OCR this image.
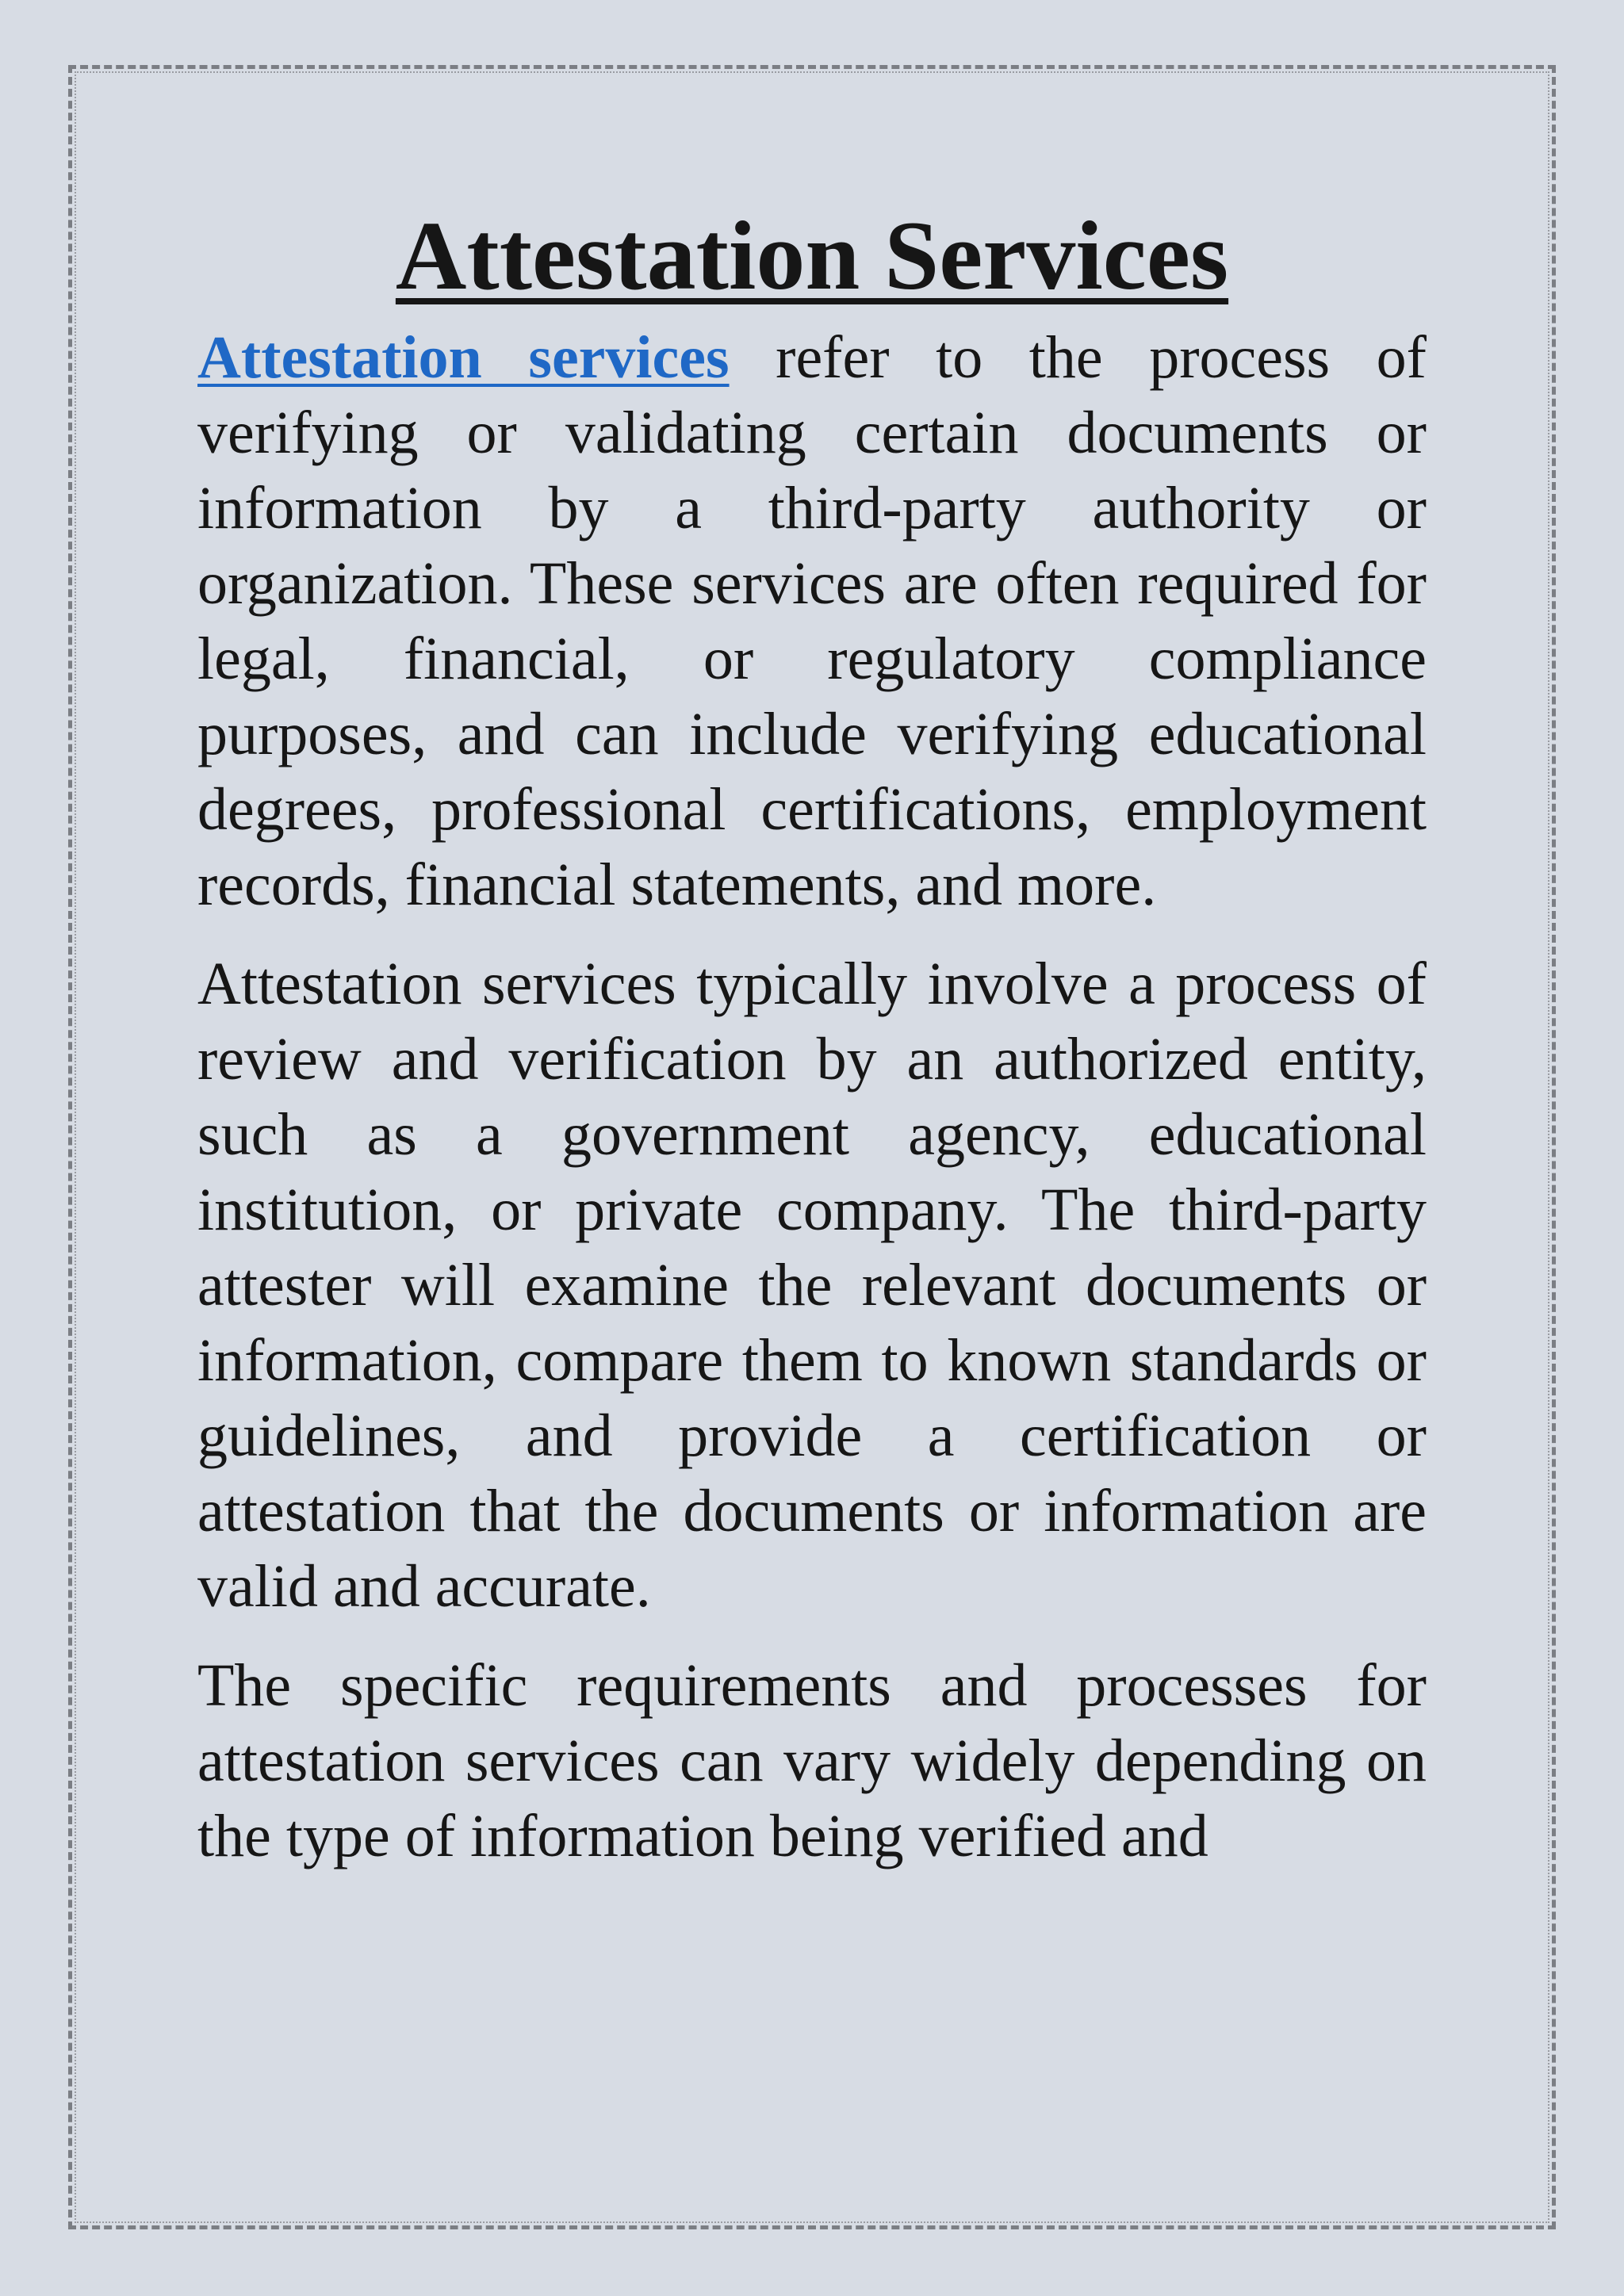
Attestation Services

Attestation services refer to the process of verifying or validating certain documents or information by a third-party authority or organization. These services are often required for legal, financial, or regulatory compliance purposes, and can include verifying educational degrees, professional certifications, employment records, financial statements, and more.

Attestation services typically involve a process of review and verification by an authorized entity, such as a government agency, educational institution, or private company. The third-party attester will examine the relevant documents or information, compare them to known standards or guidelines, and provide a certification or attestation that the documents or information are valid and accurate.

The specific requirements and processes for attestation services can vary widely depending on the type of information being verified and
